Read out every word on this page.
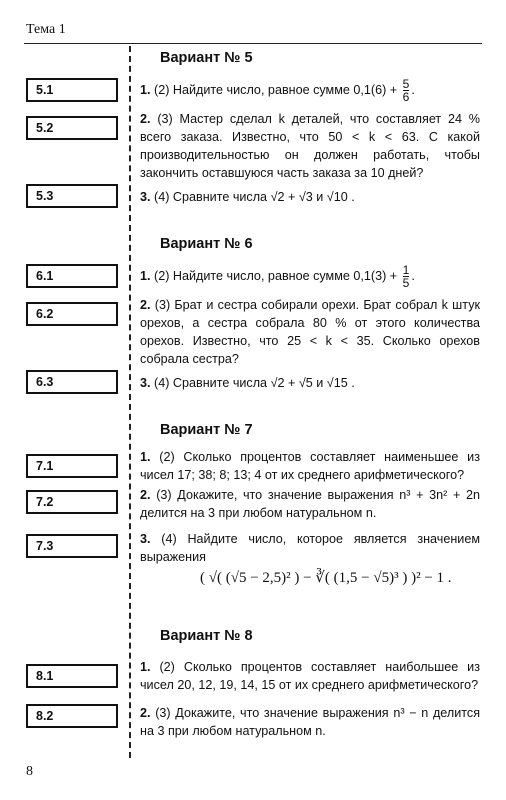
Тема 1
Вариант № 5
5.1
5.2
5.3
1. (2) Найдите число, равное сумме $0,1(6) + \frac{5}{6}$ .
2. (3) Мастер сделал k деталей, что составляет 24 % всего заказа. Известно, что 50 < k < 63. С какой производительностью он должен работать, чтобы закончить оставшуюся часть заказа за 10 дней?
3. (4) Сравните числа √2 + √3 и √10 .
Вариант № 6
6.1
6.2
6.3
1. (2) Найдите число, равное сумме $0,1(3) + \frac{1}{5}$ .
2. (3) Брат и сестра собирали орехи. Брат собрал k штук орехов, а сестра собрала 80 % от этого количества орехов. Известно, что 25 < k < 35. Сколько орехов собрала сестра?
3. (4) Сравните числа √2 + √5 и √15 .
Вариант № 7
7.1
7.2
7.3
1. (2) Сколько процентов составляет наименьшее из чисел 17; 38; 8; 13; 4 от их среднего арифметического?
2. (3) Докажите, что значение выражения n³ + 3n² + 2n делится на 3 при любом натуральном n.
3. (4) Найдите число, которое является значением выражения
( √( (√5 − 2,5)² ) − ∛( (1,5 − √5)³ ) )² − 1 .
Вариант № 8
8.1
8.2
1. (2) Сколько процентов составляет наибольшее из чисел 20, 12, 19, 14, 15 от их среднего арифметического?
2. (3) Докажите, что значение выражения n³ − n делится на 3 при любом натуральном n.
8
